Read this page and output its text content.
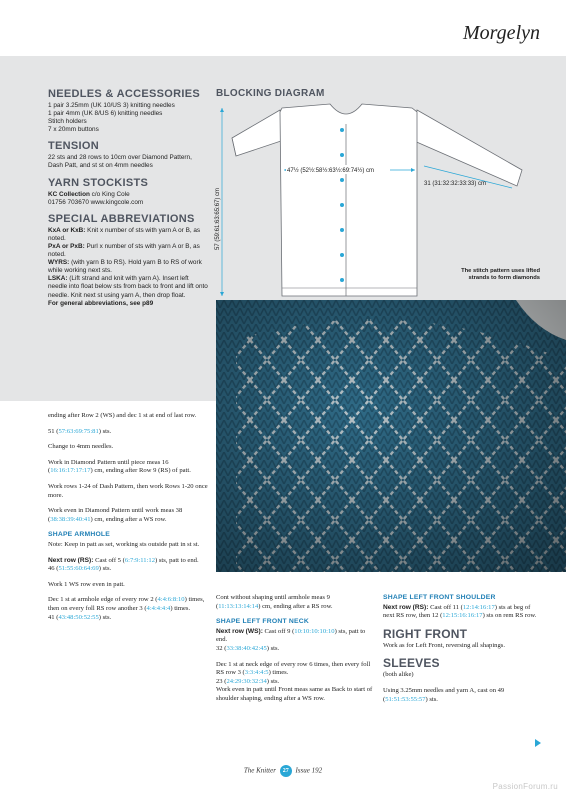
Morgelyn
NEEDLES & ACCESSORIES

1 pair 3.25mm (UK 10/US 3) knitting needles

1 pair 4mm (UK 8/US 6) knitting needles

Stitch holders

7 x 20mm buttons

TENSION

22 sts and 28 rows to 10cm over Diamond Pattern, Dash Patt, and st st on 4mm needles

YARN STOCKISTS

KC Collection c/o King Cole

01756 703670 www.kingcole.com

SPECIAL ABBREVIATIONS

KxA or KxB: Knit x number of sts with yarn A or B, as noted.

PxA or PxB: Purl x number of sts with yarn A or B, as noted.

WYRS: (with yarn B to RS). Hold yarn B to RS of work while working next sts.

LSKA: (Lift strand and knit with yarn A). Insert left needle into float below sts from back to front and lift onto needle. Knit next st using yarn A, then drop float.

For general abbreviations, see p89

BLOCKING DIAGRAM
47½ (52½:58½:63½:69:74½) cm
31 (31:32:32:33:33) cm
57 (59:61:63:65:67) cm
The stitch pattern uses lifted strands to form diamonds

ending after Row 2 (WS) and dec 1 st at end of last row.

51 (57:63:69:75:81) sts.

Change to 4mm needles.

Work in Diamond Pattern until piece meas 16 (16:16:17:17:17) cm, ending after Row 9 (RS) of patt.

Work rows 1-24 of Dash Pattern, then work Rows 1-20 once more.

Work even in Diamond Pattern until work meas 38 (38:38:39:40:41) cm, ending after a WS row.

SHAPE ARMHOLE

Note: Keep in patt as set, working sts outside patt in st st.

Next row (RS): Cast off 5 (6:7:9:11:12) sts, patt to end.
46 (51:55:60:64:69) sts.

Work 1 WS row even in patt.

Dec 1 st at armhole edge of every row 2 (4:4:6:8:10) times, then on every foll RS row another 3 (4:4:4:4:4) times.
41 (43:48:50:52:55) sts.

Cont without shaping until armhole meas 9 (11:13:13:14:14) cm, ending after a RS row.

SHAPE LEFT FRONT NECK

Next row (WS): Cast off 9 (10:10:10:10:10) sts, patt to end.
32 (33:38:40:42:45) sts.

Dec 1 st at neck edge of every row 6 times, then every foll RS row 3 (3:3:4:4:5) times.
23 (24:29:30:32:34) sts.

Work even in patt until Front meas same as Back to start of shoulder shaping, ending after a WS row.

SHAPE LEFT FRONT SHOULDER

Next row (RS): Cast off 11 (12:14:16:17) sts at beg of next RS row, then 12 (12:15:16:16:17) sts on rem RS row.

RIGHT FRONT

Work as for Left Front, reversing all shapings.

SLEEVES

(both alike)

Using 3.25mm needles and yarn A, cast on 49 (51:51:53:55:57) sts.

The Knitter 27 Issue 192
PassionForum.ru
